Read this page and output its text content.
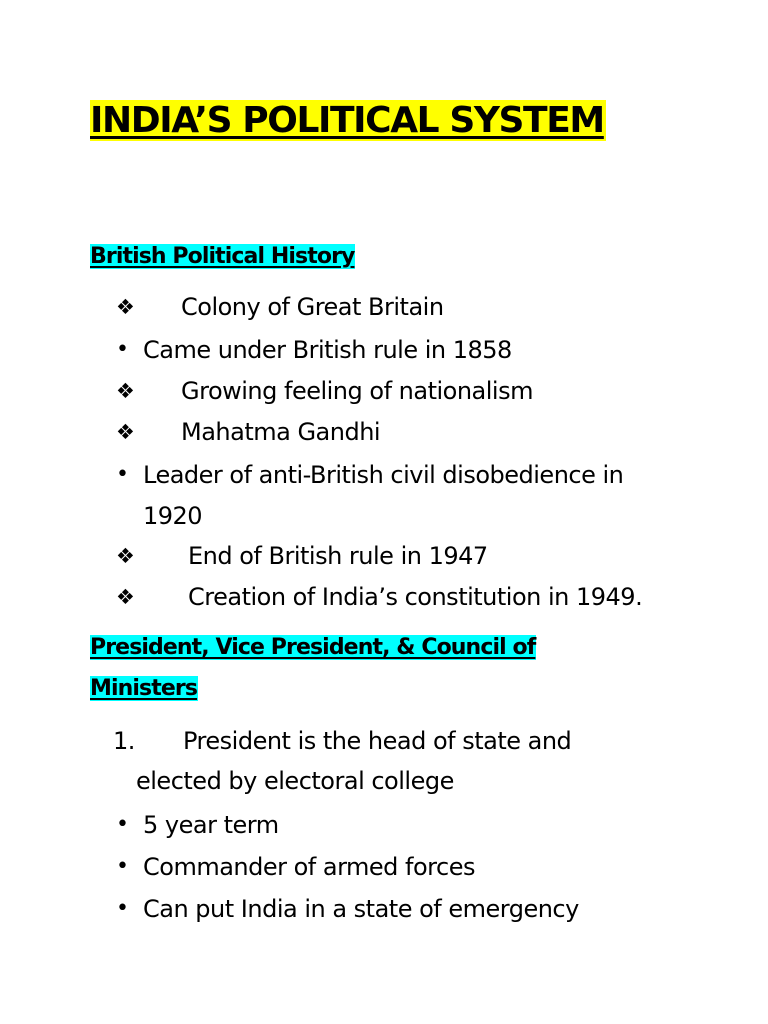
INDIA’S POLITICAL SYSTEM
British Political History
❖ Colony of Great Britain
• Came under British rule in 1858
❖ Growing feeling of nationalism
❖ Mahatma Gandhi
• Leader of anti-British civil disobedience in
1920
❖ End of British rule in 1947
❖ Creation of India’s constitution in 1949.
President, Vice President, & Council of
Ministers
1. President is the head of state and
elected by electoral college
• 5 year term
• Commander of armed forces
• Can put India in a state of emergency
